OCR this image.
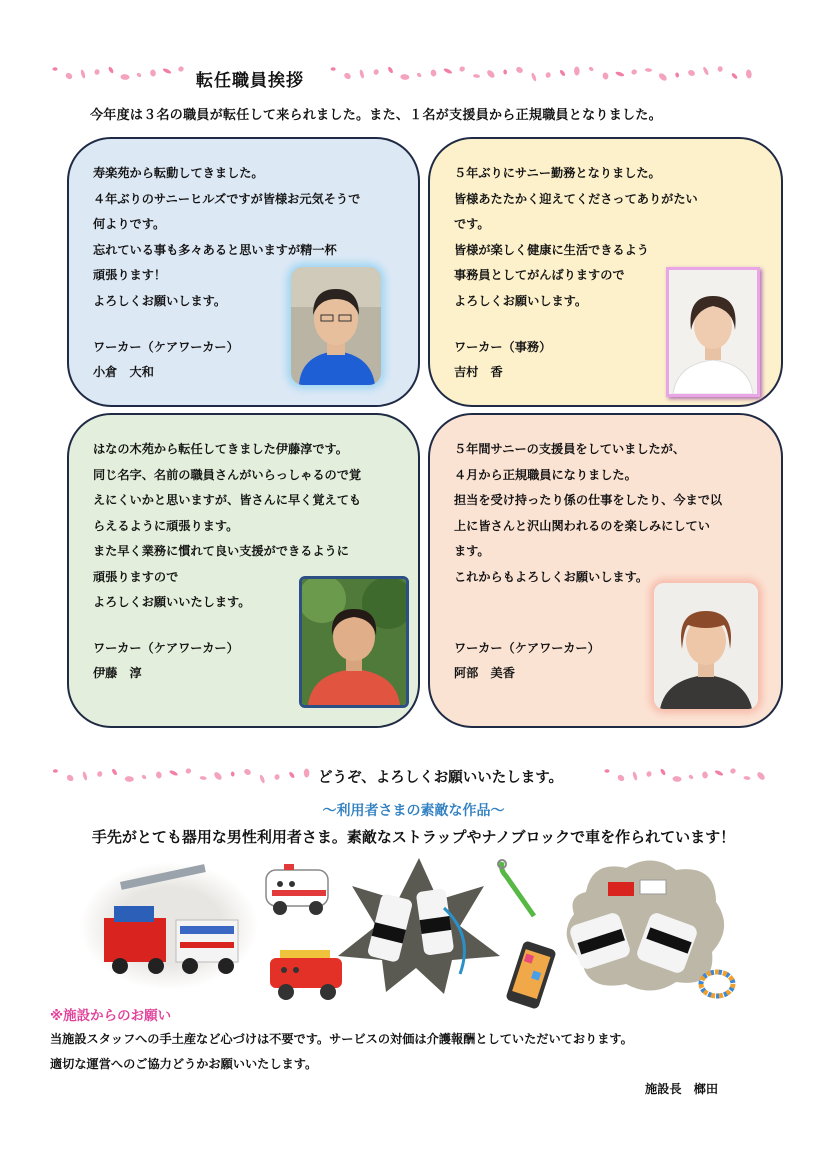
転任職員挨拶
今年度は３名の職員が転任して来られました。また、１名が支援員から正規職員となりました。
寿楽苑から転動してきました。
４年ぶりのサニーヒルズですが皆様お元気そうで
何よりです。
忘れている事も多々あると思いますが精一杯
頑張ります！
よろしくお願いします。
ワーカー（ケアワーカー）
小倉　大和
５年ぶりにサニー勤務となりました。
皆様あたたかく迎えてくださってありがたい
です。
皆様が楽しく健康に生活できるよう
事務員としてがんばりますので
よろしくお願いします。
ワーカー（事務）
吉村　香
はなの木苑から転任してきました伊藤淳です。
同じ名字、名前の職員さんがいらっしゃるので覚
えにくいかと思いますが、皆さんに早く覚えても
らえるように頑張ります。
また早く業務に慣れて良い支援ができるように
頑張りますので
よろしくお願いいたします。
ワーカー（ケアワーカー）
伊藤　淳
５年間サニーの支援員をしていましたが、
４月から正規職員になりました。
担当を受け持ったり係の仕事をしたり、今まで以
上に皆さんと沢山関われるのを楽しみにしてい
ます。
これからもよろしくお願いします。
ワーカー（ケアワーカー）
阿部　美香
どうぞ、よろしくお願いいたします。
～利用者さまの素敵な作品～
手先がとても器用な男性利用者さま。素敵なストラップやナノブロックで車を作られています！
※施設からのお願い
当施設スタッフへの手土産など心づけは不要です。サービスの対価は介護報酬としていただいております。
適切な運営へのご協力どうかお願いいたします。
施設長　榔田
